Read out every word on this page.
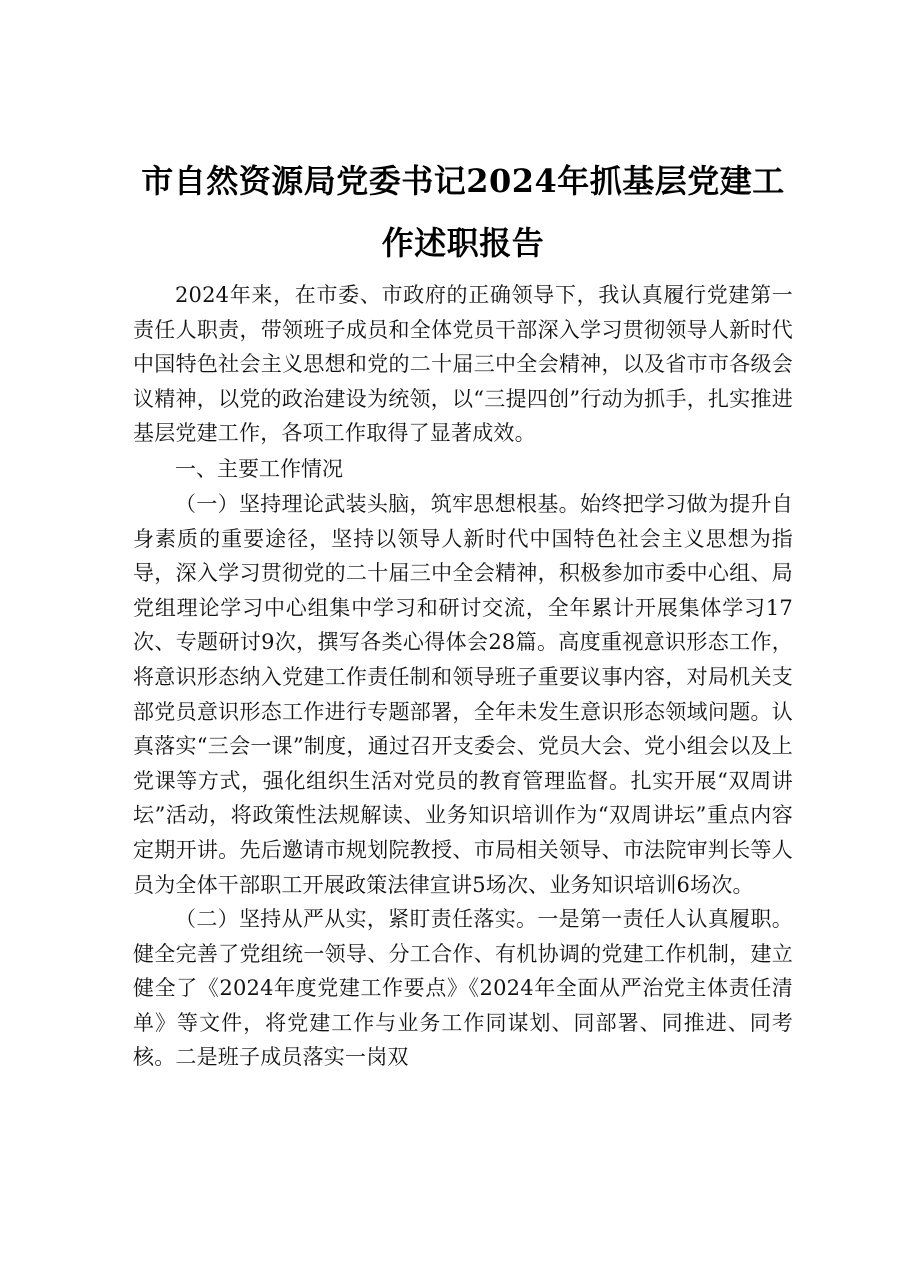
市自然资源局党委书记2024年抓基层党建工作述职报告

2024年来，在市委、市政府的正确领导下，我认真履行党建第一责任人职责，带领班子成员和全体党员干部深入学习贯彻领导人新时代中国特色社会主义思想和党的二十届三中全会精神，以及省市市各级会议精神，以党的政治建设为统领，以“三提四创”行动为抓手，扎实推进基层党建工作，各项工作取得了显著成效。

一、主要工作情况

（一）坚持理论武装头脑，筑牢思想根基。始终把学习做为提升自身素质的重要途径，坚持以领导人新时代中国特色社会主义思想为指导，深入学习贯彻党的二十届三中全会精神，积极参加市委中心组、局党组理论学习中心组集中学习和研讨交流，全年累计开展集体学习17次、专题研讨9次，撰写各类心得体会28篇。高度重视意识形态工作，将意识形态纳入党建工作责任制和领导班子重要议事内容，对局机关支部党员意识形态工作进行专题部署，全年未发生意识形态领域问题。认真落实“三会一课”制度，通过召开支委会、党员大会、党小组会以及上党课等方式，强化组织生活对党员的教育管理监督。扎实开展“双周讲坛”活动，将政策性法规解读、业务知识培训作为“双周讲坛”重点内容定期开讲。先后邀请市规划院教授、市局相关领导、市法院审判长等人员为全体干部职工开展政策法律宣讲5场次、业务知识培训6场次。

（二）坚持从严从实，紧盯责任落实。一是第一责任人认真履职。健全完善了党组统一领导、分工合作、有机协调的党建工作机制，建立健全了《2024年度党建工作要点》《2024年全面从严治党主体责任清单》等文件，将党建工作与业务工作同谋划、同部署、同推进、同考核。二是班子成员落实一岗双
